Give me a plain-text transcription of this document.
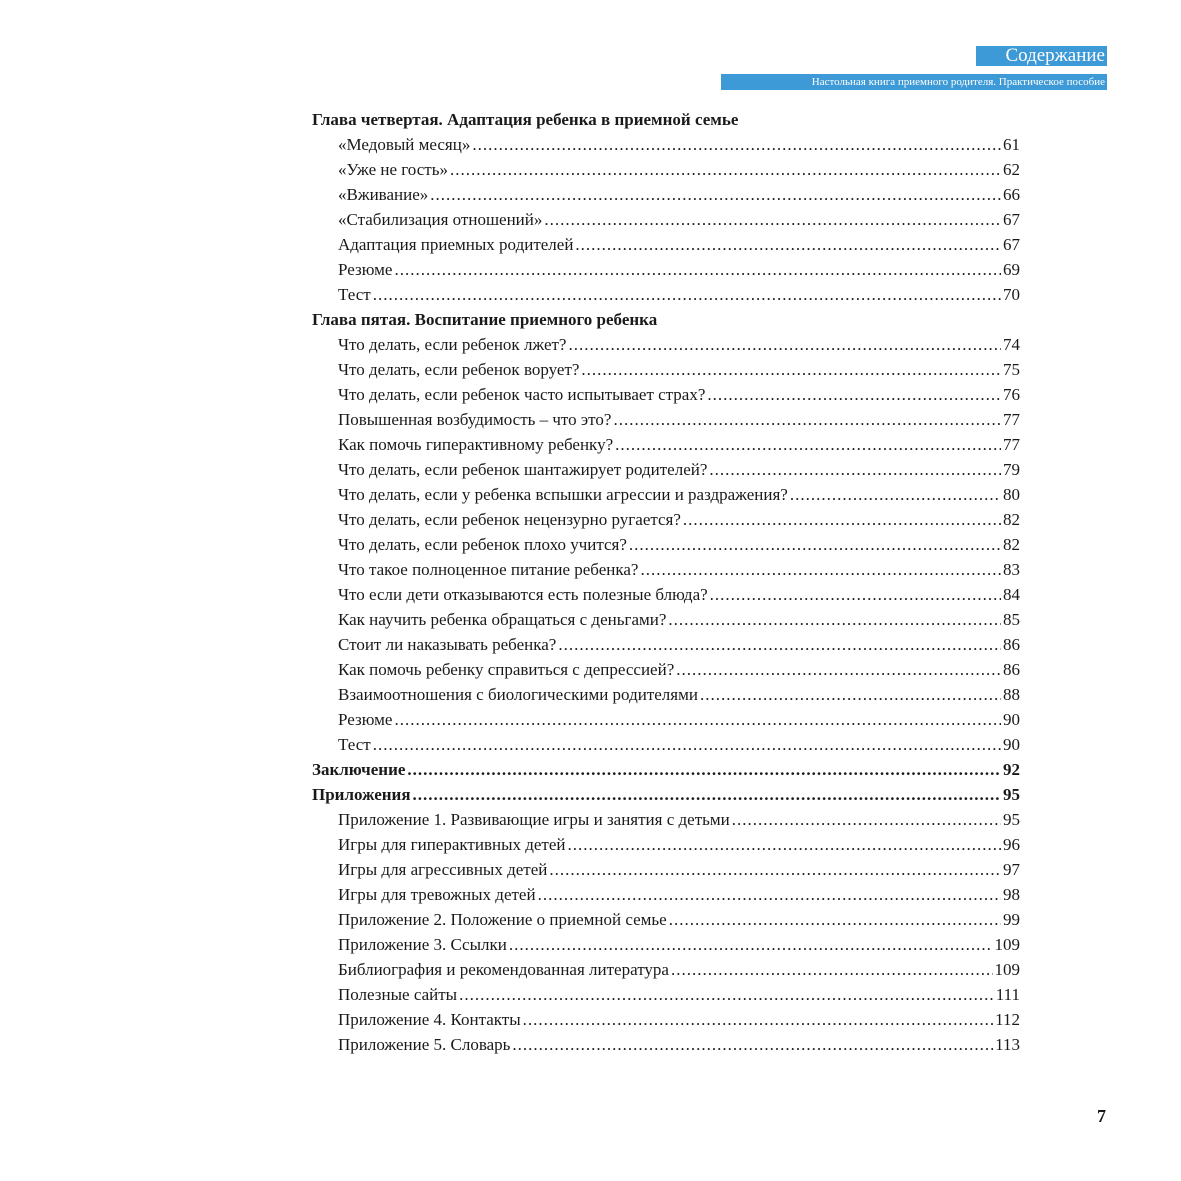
Содержание
Настольная книга приемного родителя. Практическое пособие
Глава четвертая. Адаптация ребенка в приемной семье
«Медовый месяц» .....	61
«Уже не гость» .....	62
«Вживание» .....	66
«Стабилизация отношений» .....	67
Адаптация приемных родителей .....	67
Резюме .....	69
Тест .....	70
Глава пятая. Воспитание приемного ребенка
Что делать, если ребенок лжет? .....	74
Что делать, если ребенок ворует? .....	75
Что делать, если ребенок часто испытывает страх? .....	76
Повышенная возбудимость – что это? .....	77
Как помочь гиперактивному ребенку? .....	77
Что делать, если ребенок шантажирует родителей? .....	79
Что делать, если у ребенка вспышки агрессии и раздражения? .....	80
Что делать, если ребенок нецензурно ругается? .....	82
Что делать, если ребенок плохо учится? .....	82
Что такое полноценное питание ребенка? .....	83
Что если дети отказываются есть полезные блюда? .....	84
Как научить ребенка обращаться с деньгами? .....	85
Стоит ли наказывать ребенка? .....	86
Как помочь ребенку справиться с депрессией? .....	86
Взаимоотношения с биологическими родителями .....	88
Резюме .....	90
Тест .....	90
Заключение .....	92
Приложения .....	95
Приложение 1. Развивающие игры и занятия с детьми .....	95
Игры для гиперактивных детей .....	96
Игры для агрессивных детей .....	97
Игры для тревожных детей .....	98
Приложение 2. Положение о приемной семье .....	99
Приложение 3. Ссылки .....	109
Библиография и рекомендованная литература .....	109
Полезные сайты .....	111
Приложение 4. Контакты .....	112
Приложение 5. Словарь .....	113
7
